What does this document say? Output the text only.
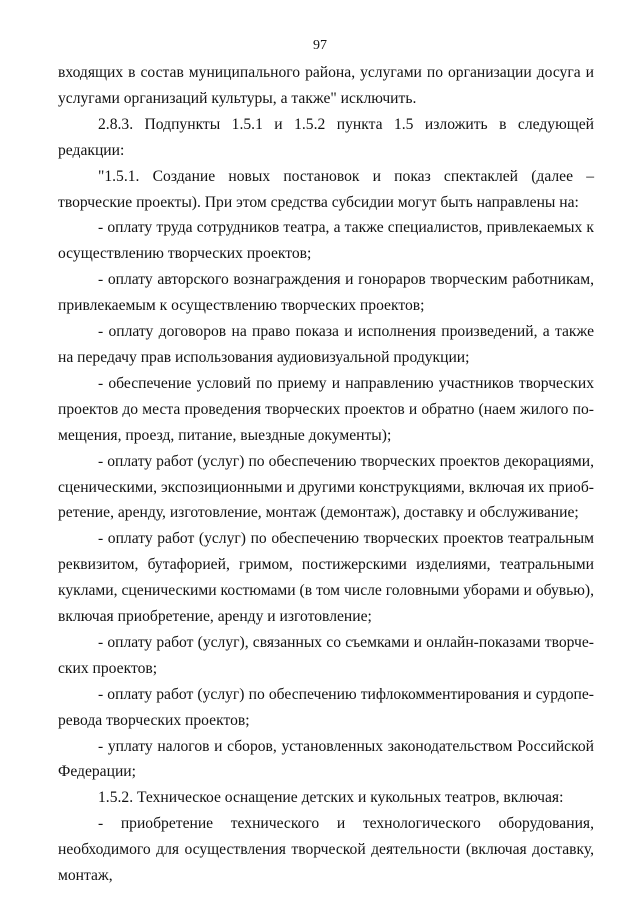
97

входящих в состав муниципального района, услугами по организации досуга и услугами организаций культуры, а также" исключить.

2.8.3. Подпункты 1.5.1 и 1.5.2 пункта 1.5 изложить в следующей редакции:

"1.5.1. Создание новых постановок и показ спектаклей (далее – творческие проекты). При этом средства субсидии могут быть направлены на:

- оплату труда сотрудников театра, а также специалистов, привлекаемых к осуществлению творческих проектов;

- оплату авторского вознаграждения и гонораров творческим работникам, привлекаемым к осуществлению творческих проектов;

- оплату договоров на право показа и исполнения произведений, а также на передачу прав использования аудиовизуальной продукции;

- обеспечение условий по приему и направлению участников творческих проектов до места проведения творческих проектов и обратно (наем жилого помещения, проезд, питание, выездные документы);

- оплату работ (услуг) по обеспечению творческих проектов декорациями, сценическими, экспозиционными и другими конструкциями, включая их приобретение, аренду, изготовление, монтаж (демонтаж), доставку и обслуживание;

- оплату работ (услуг) по обеспечению творческих проектов театральным реквизитом, бутафорией, гримом, постижерскими изделиями, театральными куклами, сценическими костюмами (в том числе головными уборами и обувью), включая приобретение, аренду и изготовление;

- оплату работ (услуг), связанных со съемками и онлайн-показами творческих проектов;

- оплату работ (услуг) по обеспечению тифлокомментирования и сурдоперевода творческих проектов;

- уплату налогов и сборов, установленных законодательством Российской Федерации;

1.5.2. Техническое оснащение детских и кукольных театров, включая:

- приобретение технического и технологического оборудования, необходимого для осуществления творческой деятельности (включая доставку, монтаж,
